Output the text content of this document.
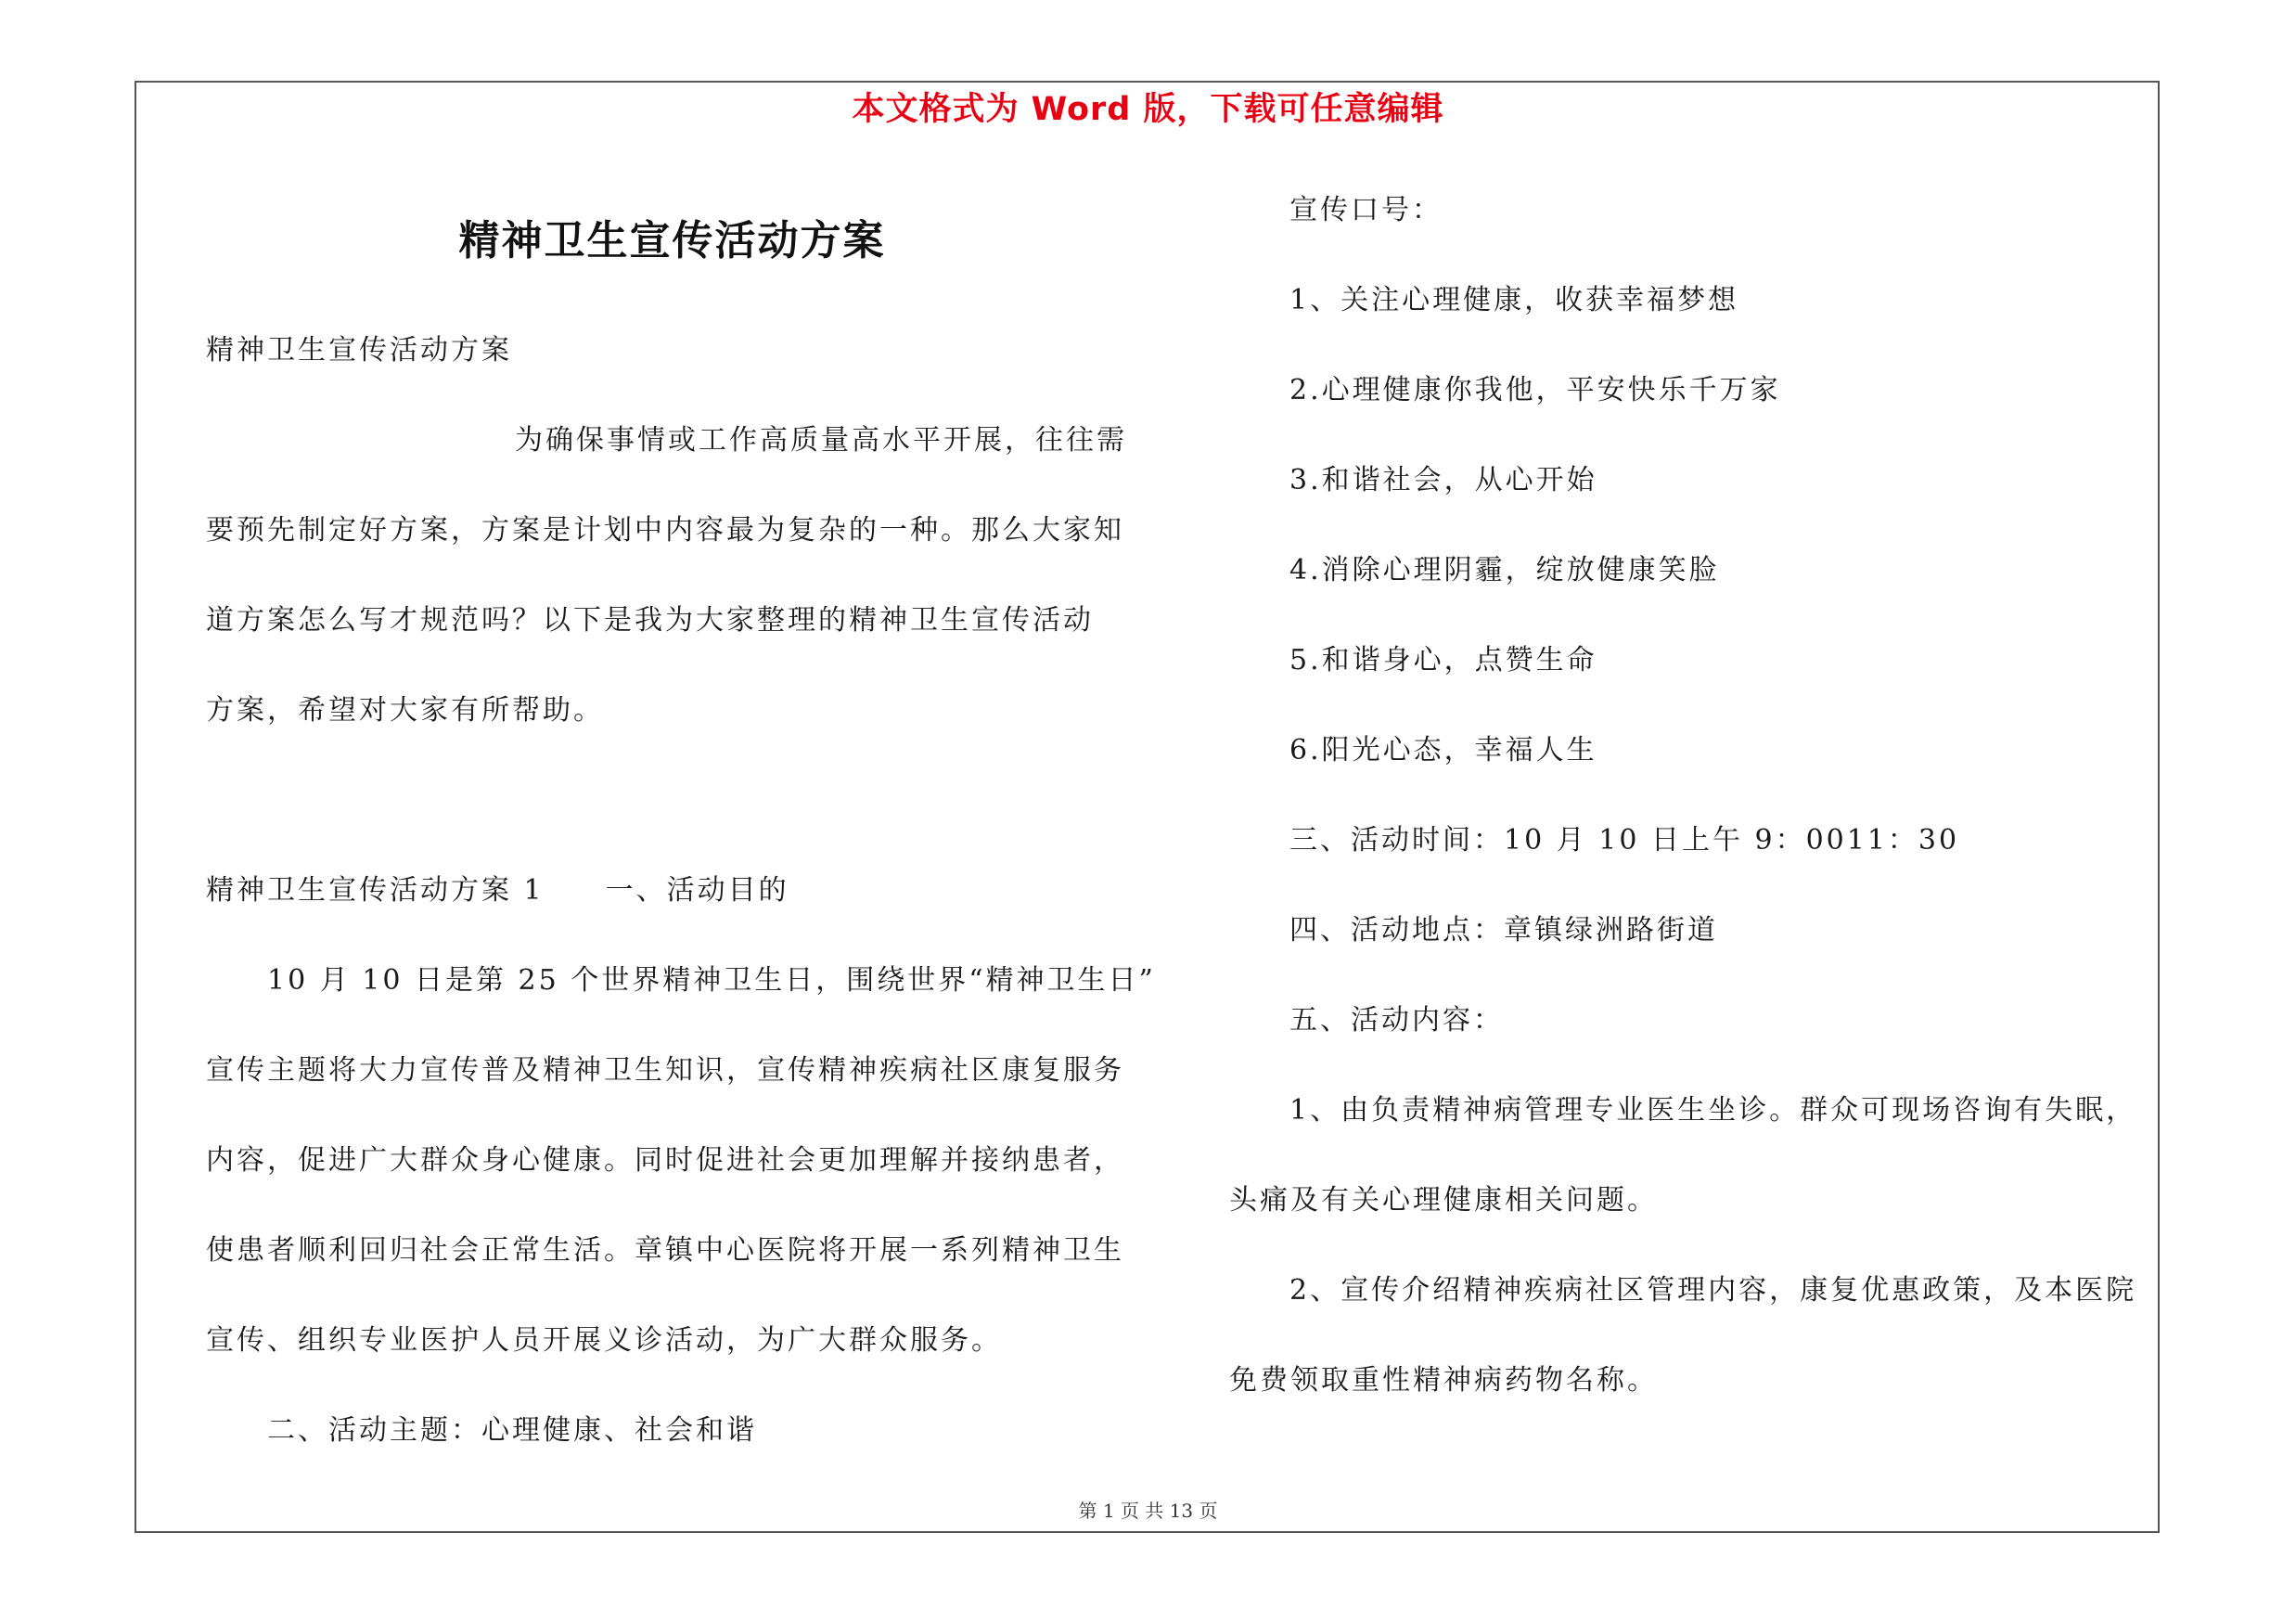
本文格式为 Word 版，下载可任意编辑
精神卫生宣传活动方案
精神卫生宣传活动方案
为确保事情或工作高质量高水平开展，往往需
要预先制定好方案，方案是计划中内容最为复杂的一种。那么大家知
道方案怎么写才规范吗？以下是我为大家整理的精神卫生宣传活动
方案，希望对大家有所帮助。
精神卫生宣传活动方案 1　　一、活动目的
10 月 10 日是第 25 个世界精神卫生日，围绕世界“精神卫生日”
宣传主题将大力宣传普及精神卫生知识，宣传精神疾病社区康复服务
内容，促进广大群众身心健康。同时促进社会更加理解并接纳患者，
使患者顺利回归社会正常生活。章镇中心医院将开展一系列精神卫生
宣传、组织专业医护人员开展义诊活动，为广大群众服务。
二、活动主题：心理健康、社会和谐
宣传口号：
1、关注心理健康，收获幸福梦想
2.心理健康你我他，平安快乐千万家
3.和谐社会，从心开始
4.消除心理阴霾，绽放健康笑脸
5.和谐身心，点赞生命
6.阳光心态，幸福人生
三、活动时间：10 月 10 日上午 9：0011：30
四、活动地点：章镇绿洲路街道
五、活动内容：
1、由负责精神病管理专业医生坐诊。群众可现场咨询有失眠，
头痛及有关心理健康相关问题。
2、宣传介绍精神疾病社区管理内容，康复优惠政策，及本医院
免费领取重性精神病药物名称。
第 1 页 共 13 页
